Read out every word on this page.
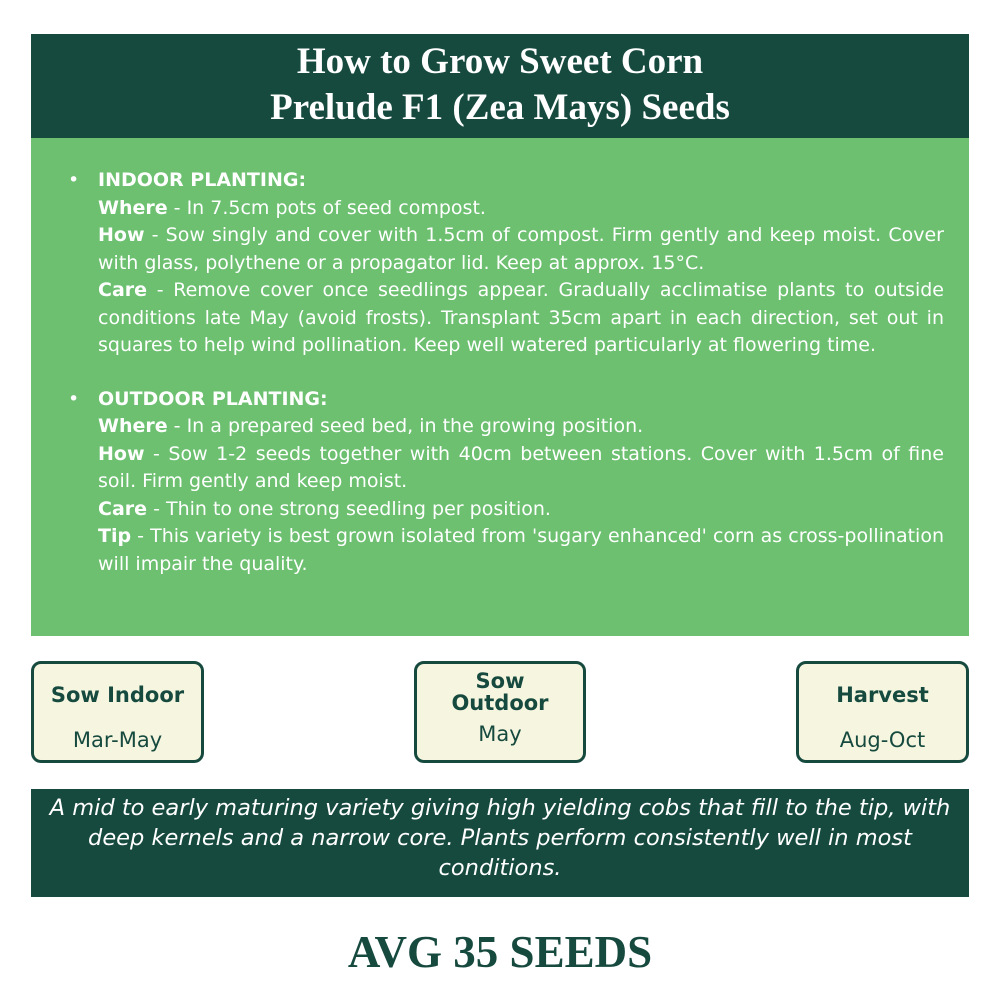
How to Grow Sweet Corn
Prelude F1 (Zea Mays) Seeds
• INDOOR PLANTING:
Where - In 7.5cm pots of seed compost.
How - Sow singly and cover with 1.5cm of compost. Firm gently and keep moist. Cover with glass, polythene or a propagator lid. Keep at approx. 15°C.
Care - Remove cover once seedlings appear. Gradually acclimatise plants to outside conditions late May (avoid frosts). Transplant 35cm apart in each direction, set out in squares to help wind pollination. Keep well watered particularly at flowering time.
• OUTDOOR PLANTING:
Where - In a prepared seed bed, in the growing position.
How - Sow 1-2 seeds together with 40cm between stations. Cover with 1.5cm of fine soil. Firm gently and keep moist.
Care - Thin to one strong seedling per position.
Tip - This variety is best grown isolated from 'sugary enhanced' corn as cross-pollination will impair the quality.
Sow Indoor
Mar-May
Sow
Outdoor
May
Harvest
Aug-Oct
A mid to early maturing variety giving high yielding cobs that fill to the tip, with deep kernels and a narrow core. Plants perform consistently well in most conditions.
AVG 35 SEEDS
